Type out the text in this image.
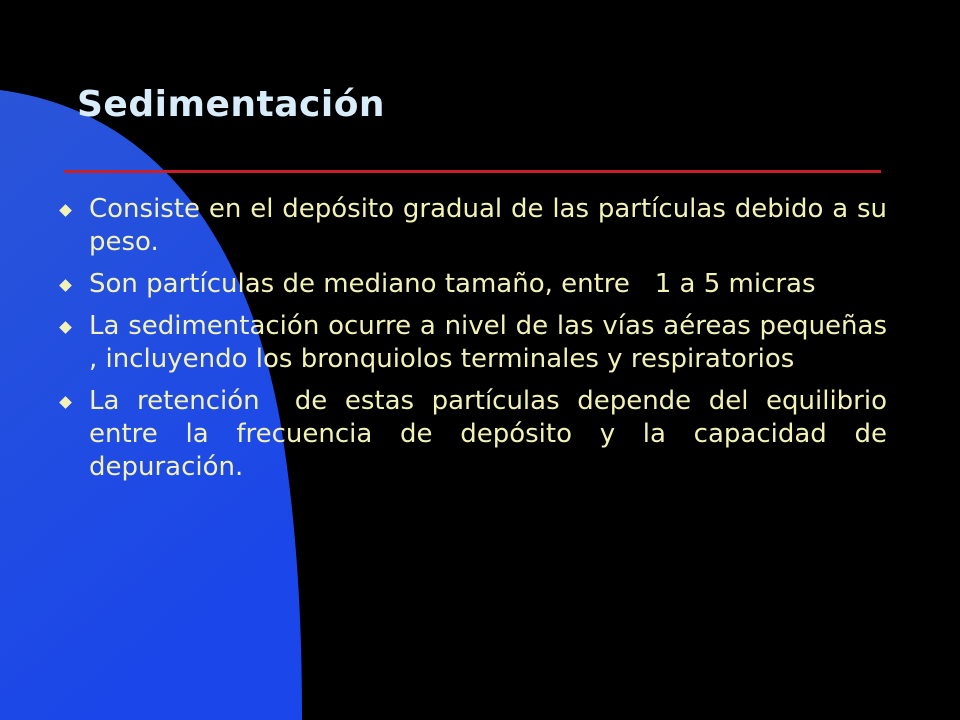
Sedimentación
Consiste en el depósito gradual de las partículas debido a su peso.
Son partículas de mediano tamaño, entre   1 a 5 micras
La sedimentación ocurre a nivel de las vías aéreas pequeñas , incluyendo los bronquiolos terminales y respiratorios
La retención  de estas partículas depende del equilibrio entre la frecuencia de depósito y la capacidad de depuración.
